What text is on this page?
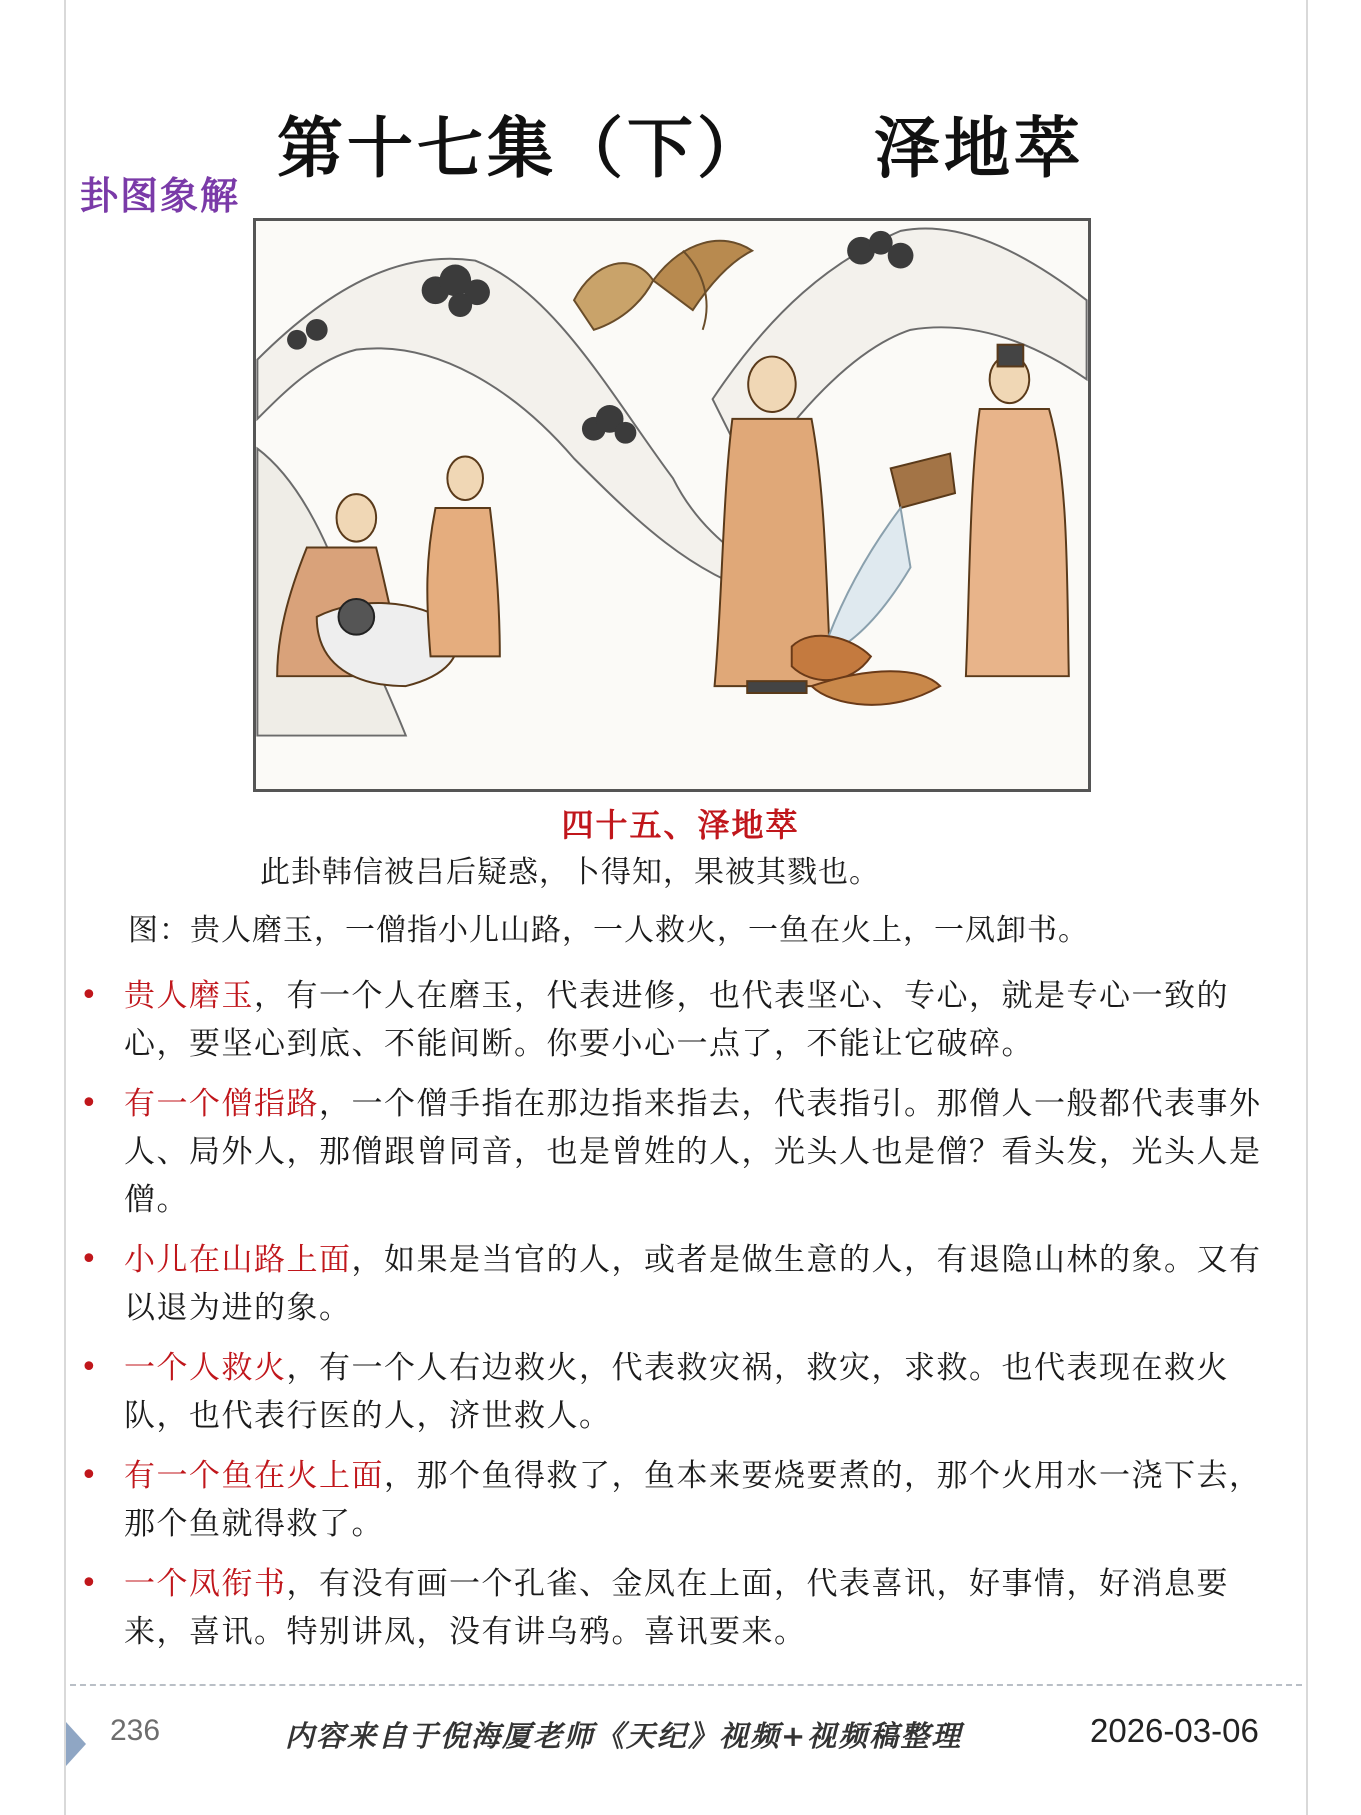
第十七集（下）　　泽地萃
卦图象解
四十五、泽地萃
此卦韩信被吕后疑惑，卜得知，果被其戮也。
图：贵人磨玉，一僧指小儿山路，一人救火，一鱼在火上，一凤卸书。
• 贵人磨玉，有一个人在磨玉，代表进修，也代表坚心、专心，就是专心一致的心，要坚心到底、不能间断。你要小心一点了，不能让它破碎。
• 有一个僧指路，一个僧手指在那边指来指去，代表指引。那僧人一般都代表事外人、局外人，那僧跟曾同音，也是曾姓的人，光头人也是僧？看头发，光头人是僧。
• 小儿在山路上面，如果是当官的人，或者是做生意的人，有退隐山林的象。又有以退为进的象。
• 一个人救火，有一个人右边救火，代表救灾祸，救灾，求救。也代表现在救火队，也代表行医的人，济世救人。
• 有一个鱼在火上面，那个鱼得救了，鱼本来要烧要煮的，那个火用水一浇下去，那个鱼就得救了。
• 一个凤衔书，有没有画一个孔雀、金凤在上面，代表喜讯，好事情，好消息要来，喜讯。特别讲凤，没有讲乌鸦。喜讯要来。
236	内容来自于倪海厦老师《天纪》视频+视频稿整理	2026-03-06
